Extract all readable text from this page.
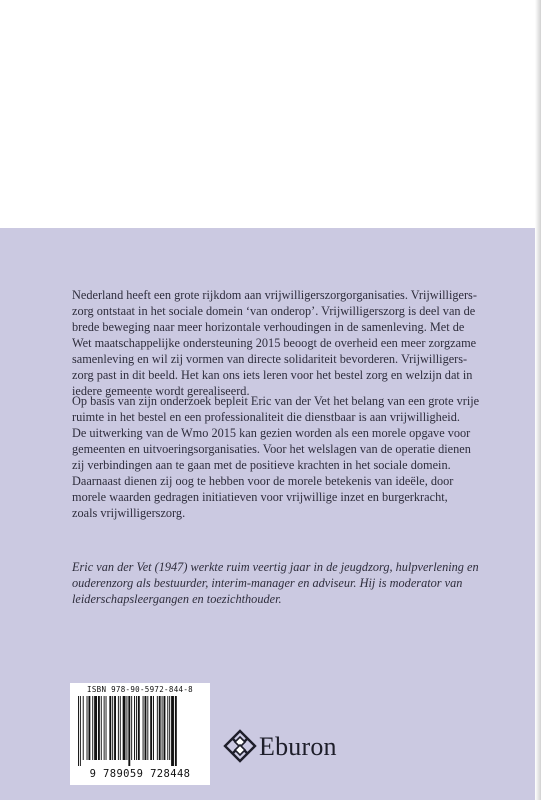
Nederland heeft een grote rijkdom aan vrijwilligerszorgorganisaties. Vrijwilligers-
zorg ontstaat in het sociale domein ‘van onderop’. Vrijwilligerszorg is deel van de
brede beweging naar meer horizontale verhoudingen in de samenleving. Met de
Wet maatschappelijke ondersteuning 2015 beoogt de overheid een meer zorgzame
samenleving en wil zij vormen van directe solidariteit bevorderen. Vrijwilligers-
zorg past in dit beeld. Het kan ons iets leren voor het bestel zorg en welzijn dat in
iedere gemeente wordt gerealiseerd.
Op basis van zijn onderzoek bepleit Eric van der Vet het belang van een grote vrije
ruimte in het bestel en een professionaliteit die dienstbaar is aan vrijwilligheid.
De uitwerking van de Wmo 2015 kan gezien worden als een morele opgave voor
gemeenten en uitvoeringsorganisaties. Voor het welslagen van de operatie dienen
zij verbindingen aan te gaan met de positieve krachten in het sociale domein.
Daarnaast dienen zij oog te hebben voor de morele betekenis van ideële, door
morele waarden gedragen initiatieven voor vrijwillige inzet en burgerkracht,
zoals vrijwilligerszorg.
Eric van der Vet (1947) werkte ruim veertig jaar in de jeugdzorg, hulpverlening en
ouderenzorg als bestuurder, interim-manager en adviseur. Hij is moderator van
leiderschapsleergangen en toezichthouder.
ISBN 978-90-5972-844-8
9 789059 728448
Eburon
